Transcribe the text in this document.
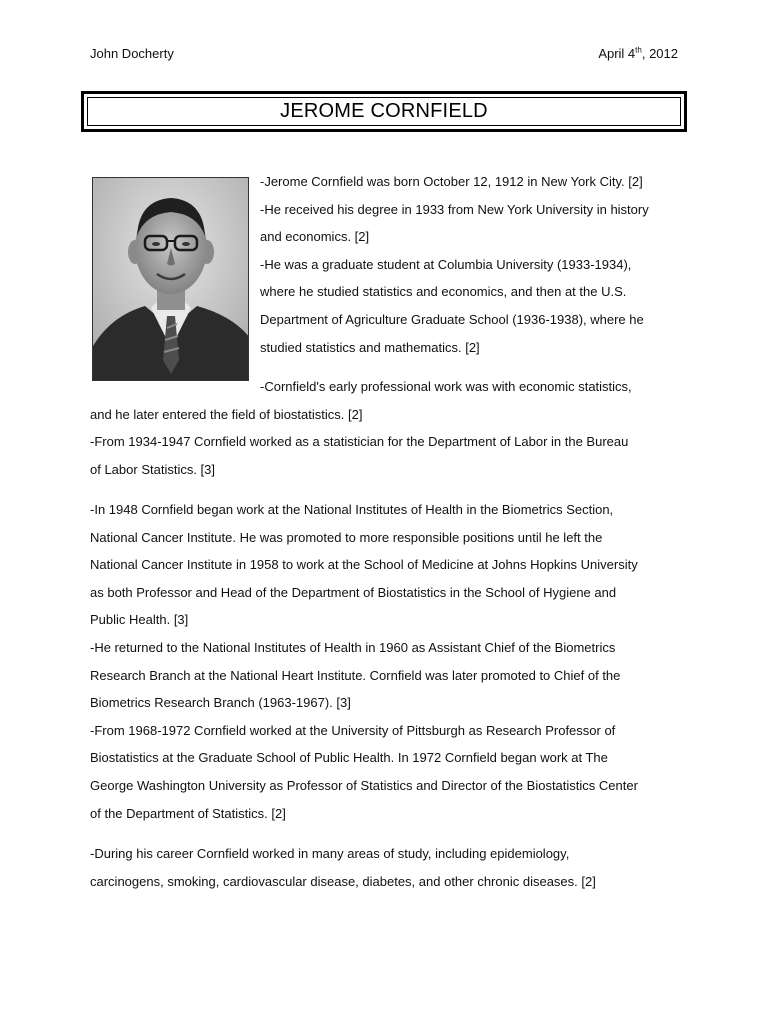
John Docherty	April 4th, 2012
JEROME CORNFIELD
-Jerome Cornfield was born October 12, 1912 in New York City. [2]
-He received his degree in 1933 from New York University in history
and economics. [2]
-He was a graduate student at Columbia University (1933-1934),
where he studied statistics and economics, and then at the U.S.
Department of Agriculture Graduate School (1936-1938), where he
studied statistics and mathematics. [2]
-Cornfield's early professional work was with economic statistics,
and he later entered the field of biostatistics. [2]
-From 1934-1947 Cornfield worked as a statistician for the Department of Labor in the Bureau
of Labor Statistics. [3]
-In 1948 Cornfield began work at the National Institutes of Health in the Biometrics Section,
National Cancer Institute. He was promoted to more responsible positions until he left the
National Cancer Institute in 1958 to work at the School of Medicine at Johns Hopkins University
as both Professor and Head of the Department of Biostatistics in the School of Hygiene and
Public Health. [3]
-He returned to the National Institutes of Health in 1960 as Assistant Chief of the Biometrics
Research Branch at the National Heart Institute. Cornfield was later promoted to Chief of the
Biometrics Research Branch (1963-1967). [3]
-From 1968-1972 Cornfield worked at the University of Pittsburgh as Research Professor of
Biostatistics at the Graduate School of Public Health. In 1972 Cornfield began work at The
George Washington University as Professor of Statistics and Director of the Biostatistics Center
of the Department of Statistics. [2]
-During his career Cornfield worked in many areas of study, including epidemiology,
carcinogens, smoking, cardiovascular disease, diabetes, and other chronic diseases. [2]
